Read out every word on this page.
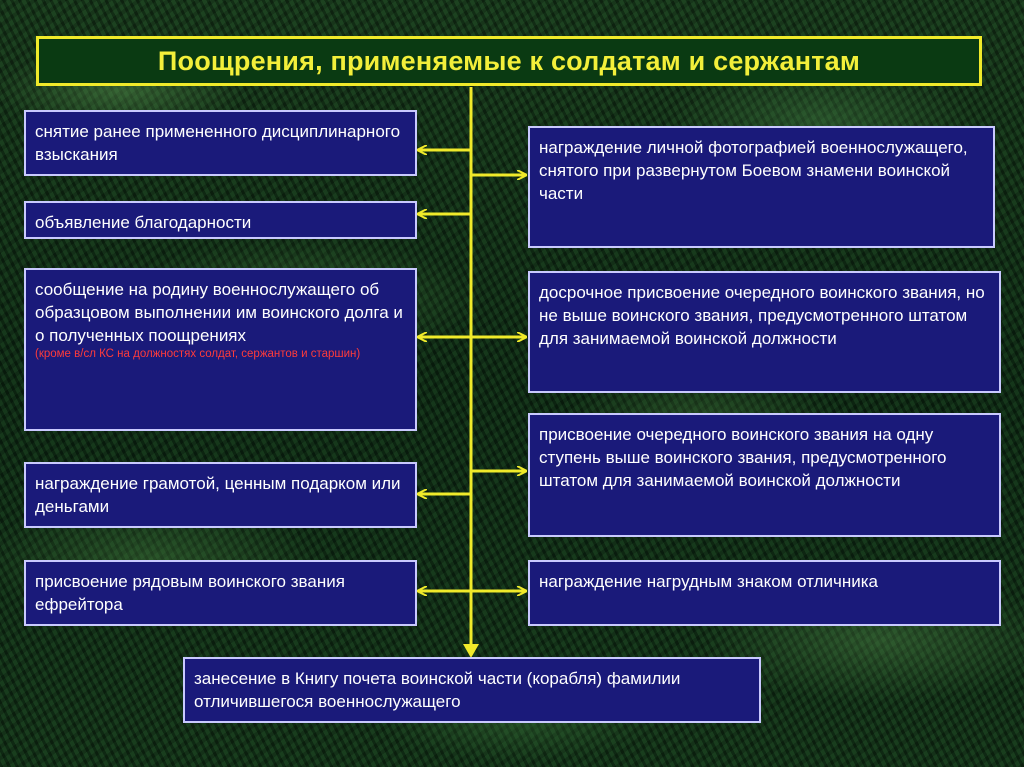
Поощрения, применяемые к солдатам и сержантам
снятие ранее примененного дисциплинарного взыскания
объявление благодарности
сообщение на родину военнослужащего об образцовом выполнении им воинского долга и о полученных поощрениях
(кроме в/сл КС на должностях солдат, сержантов и старшин)
награждение грамотой, ценным подарком или деньгами
присвоение рядовым воинского звания ефрейтора
награждение личной фотографией военнослужащего, снятого при развернутом Боевом знамени воинской части
досрочное присвоение очередного воинского звания, но не выше воинского звания, предусмотренного штатом для занимаемой воинской должности
присвоение очередного воинского звания на одну ступень выше воинского звания, предусмотренного штатом для занимаемой воинской должности
награждение нагрудным знаком отличника
занесение в Книгу почета воинской части (корабля) фамилии отличившегося военнослужащего
